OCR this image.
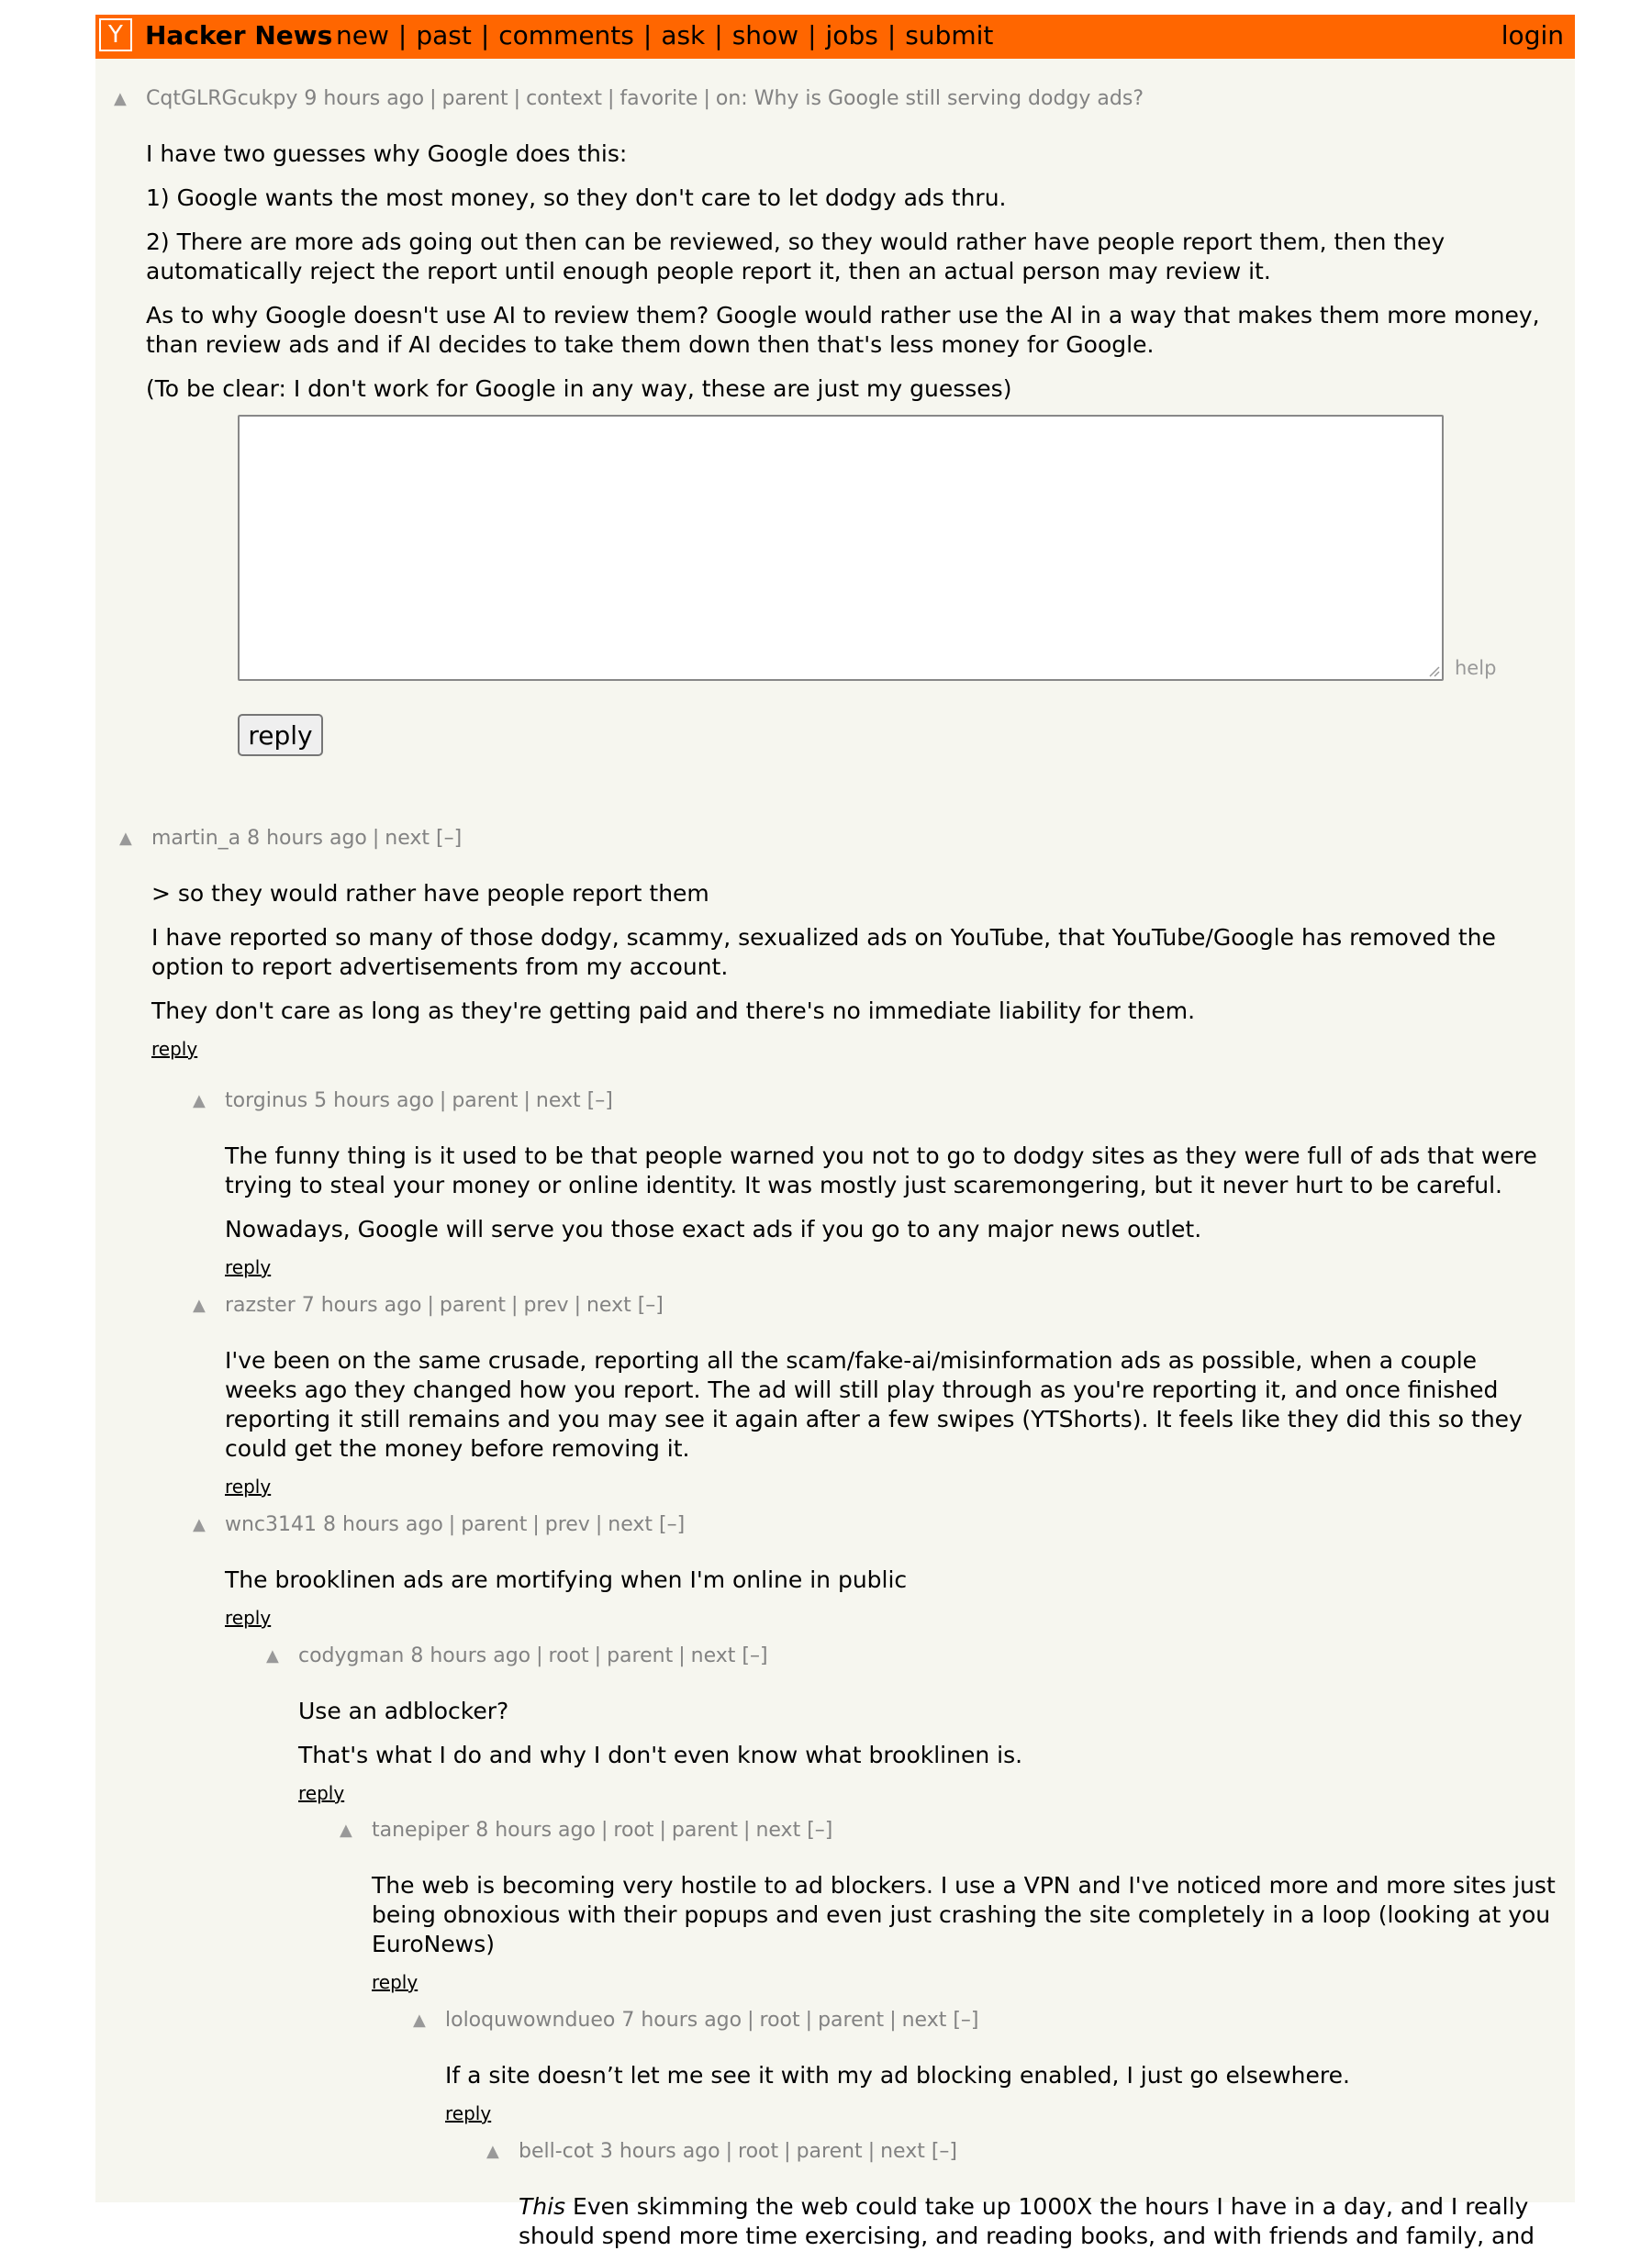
Y Hacker News new | past | comments | ask | show | jobs | submit	login
▲ CqtGLRGcukpy 9 hours ago | parent | context | favorite | on: Why is Google still serving dodgy ads?

I have two guesses why Google does this:

1) Google wants the most money, so they don't care to let dodgy ads thru.

2) There are more ads going out then can be reviewed, so they would rather have people report them, then they automatically reject the report until enough people report it, then an actual person may review it.

As to why Google doesn't use AI to review them? Google would rather use the AI in a way that makes them more money, than review ads and if AI decides to take them down then that's less money for Google.

(To be clear: I don't work for Google in any way, these are just my guesses)

help
reply
▲ martin_a 8 hours ago | next [–]

> so they would rather have people report them

I have reported so many of those dodgy, scammy, sexualized ads on YouTube, that YouTube/Google has removed the option to report advertisements from my account.

They don't care as long as they're getting paid and there's no immediate liability for them.

reply
▲ torginus 5 hours ago | parent | next [–]

The funny thing is it used to be that people warned you not to go to dodgy sites as they were full of ads that were trying to steal your money or online identity. It was mostly just scaremongering, but it never hurt to be careful.

Nowadays, Google will serve you those exact ads if you go to any major news outlet.

reply
▲ razster 7 hours ago | parent | prev | next [–]

I've been on the same crusade, reporting all the scam/fake-ai/misinformation ads as possible, when a couple weeks ago they changed how you report. The ad will still play through as you're reporting it, and once finished reporting it still remains and you may see it again after a few swipes (YTShorts). It feels like they did this so they could get the money before removing it.

reply
▲ wnc3141 8 hours ago | parent | prev | next [–]

The brooklinen ads are mortifying when I'm online in public

reply
▲ codygman 8 hours ago | root | parent | next [–]

Use an adblocker?

That's what I do and why I don't even know what brooklinen is.

reply
▲ tanepiper 8 hours ago | root | parent | next [–]

The web is becoming very hostile to ad blockers. I use a VPN and I've noticed more and more sites just being obnoxious with their popups and even just crashing the site completely in a loop (looking at you EuroNews)

reply
▲ loloquwowndueo 7 hours ago | root | parent | next [–]

If a site doesn’t let me see it with my ad blocking enabled, I just go elsewhere.

reply
▲ bell-cot 3 hours ago | root | parent | next [–]

This Even skimming the web could take up 1000X the hours I have in a day, and I really should spend more time exercising, and reading books, and with friends and family, and
